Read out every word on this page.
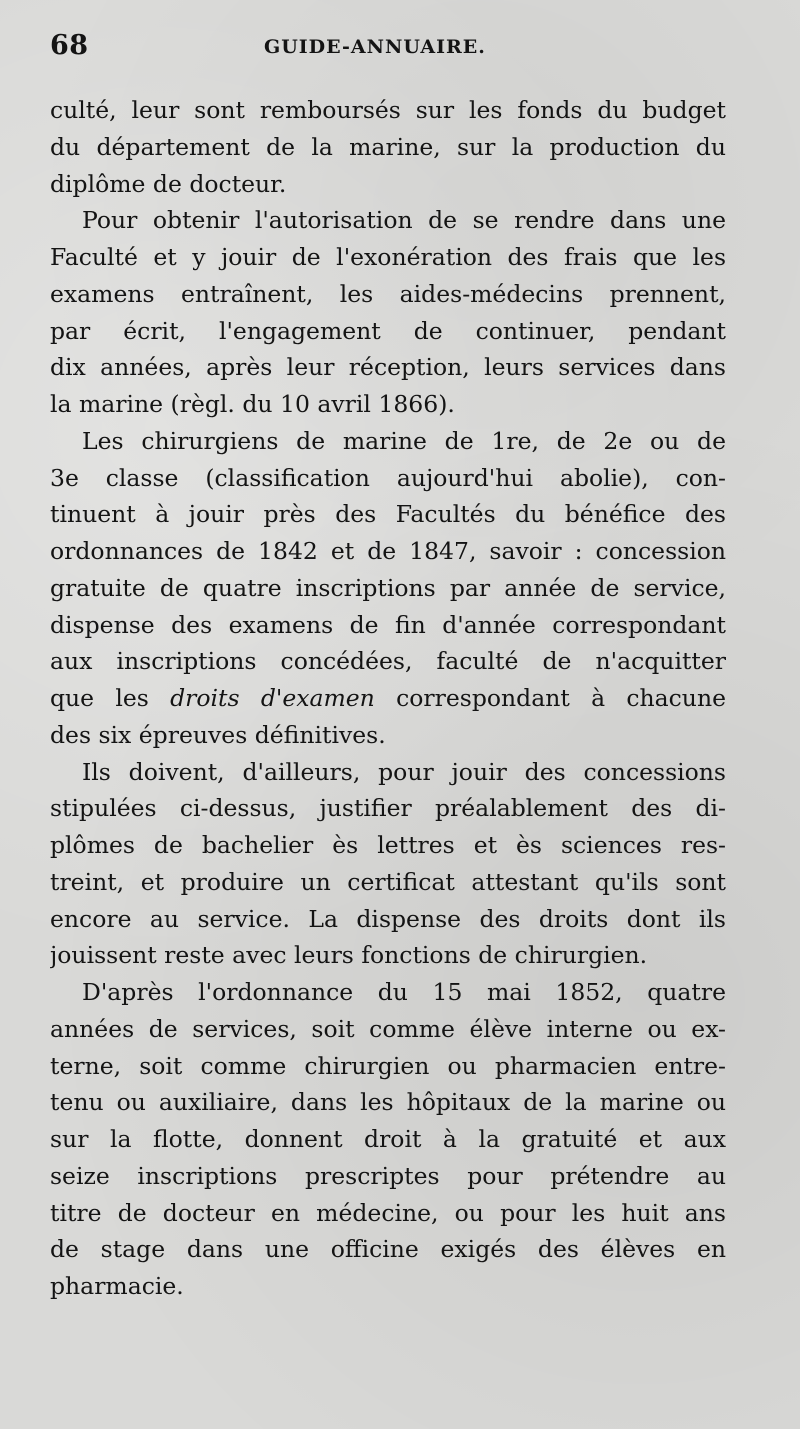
68	GUIDE-ANNUAIRE.
culté, leur sont remboursés sur les fonds du budget
du département de la marine, sur la production du
diplôme de docteur.
Pour obtenir l'autorisation de se rendre dans une
Faculté et y jouir de l'exonération des frais que les
examens entraînent, les aides-médecins prennent,
par écrit, l'engagement de continuer, pendant
dix années, après leur réception, leurs services dans
la marine (règl. du 10 avril 1866).
Les chirurgiens de marine de 1re, de 2e ou de
3e classe (classification aujourd'hui abolie), con-
tinuent à jouir près des Facultés du bénéfice des
ordonnances de 1842 et de 1847, savoir : concession
gratuite de quatre inscriptions par année de service,
dispense des examens de fin d'année correspondant
aux inscriptions concédées, faculté de n'acquitter
que les droits d'examen correspondant à chacune
des six épreuves définitives.
Ils doivent, d'ailleurs, pour jouir des concessions
stipulées ci-dessus, justifier préalablement des di-
plômes de bachelier ès lettres et ès sciences res-
treint, et produire un certificat attestant qu'ils sont
encore au service. La dispense des droits dont ils
jouissent reste avec leurs fonctions de chirurgien.
D'après l'ordonnance du 15 mai 1852, quatre
années de services, soit comme élève interne ou ex-
terne, soit comme chirurgien ou pharmacien entre-
tenu ou auxiliaire, dans les hôpitaux de la marine ou
sur la flotte, donnent droit à la gratuité et aux
seize inscriptions prescriptes pour prétendre au
titre de docteur en médecine, ou pour les huit ans
de stage dans une officine exigés des élèves en
pharmacie.
